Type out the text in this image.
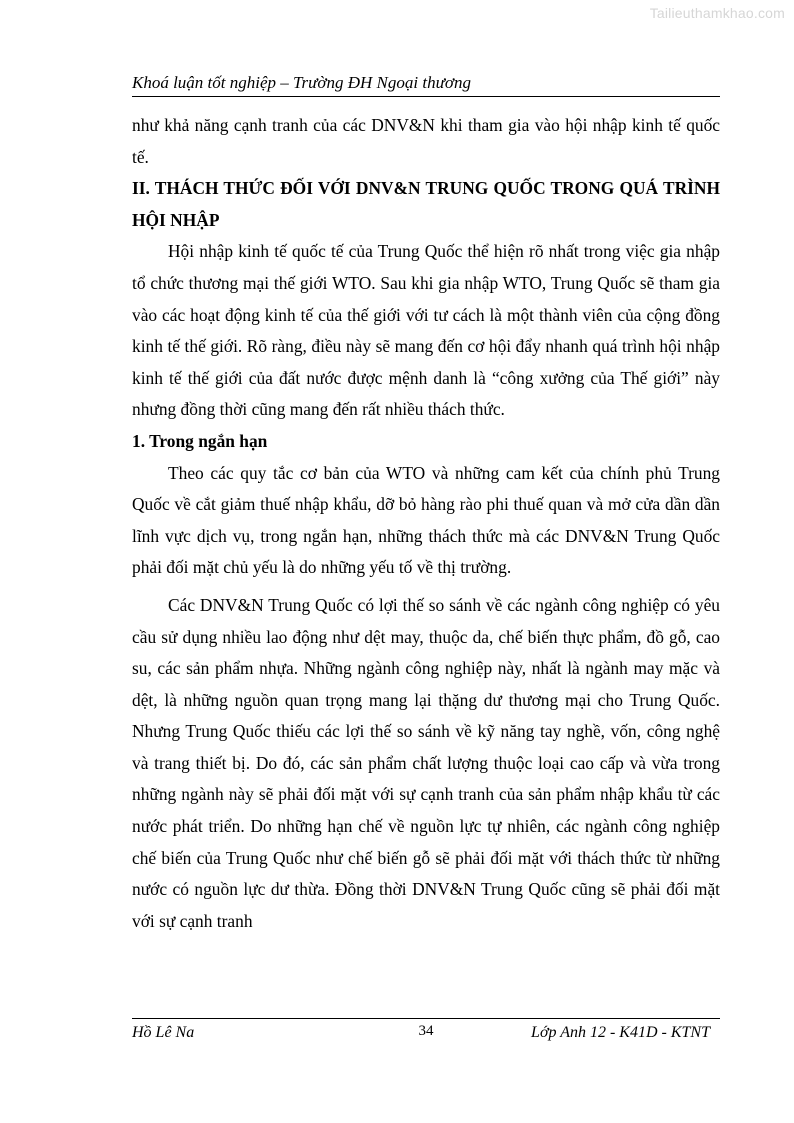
Tailieuthamkhao.com
Khoá luận tốt nghiệp – Trường ĐH Ngoại thương

như khả năng cạnh tranh của các DNV&N khi tham gia vào hội nhập kinh tế quốc tế.

II. THÁCH THỨC ĐỐI VỚI DNV&N TRUNG QUỐC TRONG QUÁ TRÌNH HỘI NHẬP

Hội nhập kinh tế quốc tế của Trung Quốc thể hiện rõ nhất trong việc gia nhập tổ chức thương mại thế giới WTO. Sau khi gia nhập WTO, Trung Quốc sẽ tham gia vào các hoạt động kinh tế của thế giới với tư cách là một thành viên của cộng đồng kinh tế thế giới. Rõ ràng, điều này sẽ mang đến cơ hội đẩy nhanh quá trình hội nhập kinh tế thế giới của đất nước được mệnh danh là “công xưởng của Thế giới” này nhưng đồng thời cũng mang đến rất nhiều thách thức.

1. Trong ngắn hạn

Theo các quy tắc cơ bản của WTO và những cam kết của chính phủ Trung Quốc về cắt giảm thuế nhập khẩu, dỡ bỏ hàng rào phi thuế quan và mở cửa dần dần lĩnh vực dịch vụ, trong ngắn hạn, những thách thức mà các DNV&N Trung Quốc phải đối mặt chủ yếu là do những yếu tố về thị trường.

Các DNV&N Trung Quốc có lợi thế so sánh về các ngành công nghiệp có yêu cầu sử dụng nhiều lao động như dệt may, thuộc da, chế biến thực phẩm, đồ gỗ, cao su, các sản phẩm nhựa. Những ngành công nghiệp này, nhất là ngành may mặc và dệt, là những nguồn quan trọng mang lại thặng dư thương mại cho Trung Quốc. Nhưng Trung Quốc thiếu các lợi thế so sánh về kỹ năng tay nghề, vốn, công nghệ và trang thiết bị. Do đó, các sản phẩm chất lượng thuộc loại cao cấp và vừa trong những ngành này sẽ phải đối mặt với sự cạnh tranh của sản phẩm nhập khẩu từ các nước phát triển. Do những hạn chế về nguồn lực tự nhiên, các ngành công nghiệp chế biến của Trung Quốc như chế biến gỗ sẽ phải đối mặt với thách thức từ những nước có nguồn lực dư thừa. Đồng thời DNV&N Trung Quốc cũng sẽ phải đối mặt với sự cạnh tranh

Hồ Lê Na	34	Lớp Anh 12 - K41D - KTNT
